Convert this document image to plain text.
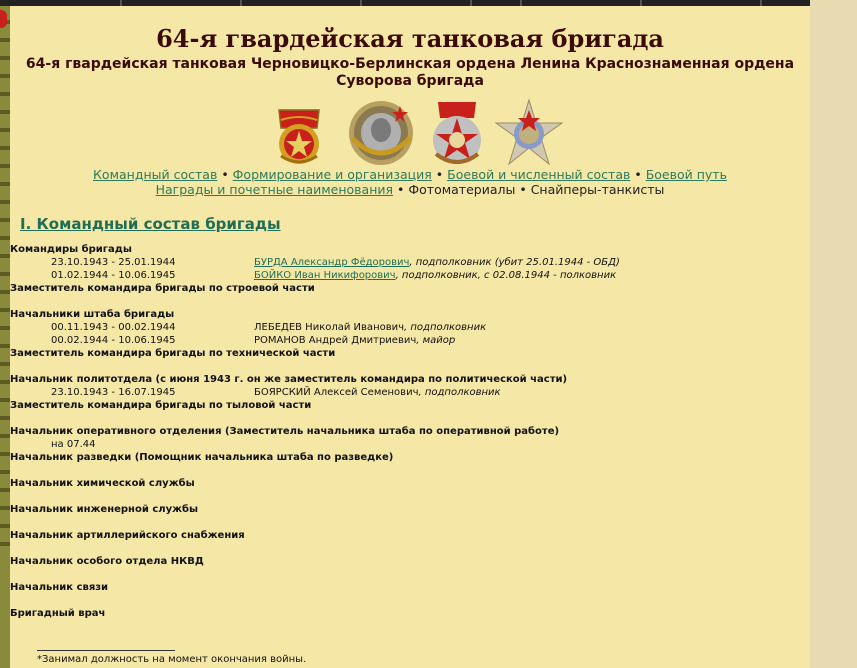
64-я гвардейская танковая бригада
64-я гвардейская танковая Черновицко-Берлинская ордена Ленина Краснознаменная ордена Суворова бригада
Командный состав • Формирование и организация • Боевой и численный состав • Боевой путь
Награды и почетные наименования • Фотоматериалы • Снайперы-танкисты
I. Командный состав бригады
Командиры бригады
23.10.1943 - 25.01.1944	БУРДА Александр Фёдорович, подполковник (убит 25.01.1944 - ОБД)
01.02.1944 - 10.06.1945	БОЙКО Иван Никифорович, подполковник, с 02.08.1944 - полковник
Заместитель командира бригады по строевой части
Начальники штаба бригады
00.11.1943 - 00.02.1944	ЛЕБЕДЕВ Николай Иванович, подполковник
00.02.1944 - 10.06.1945	РОМАНОВ Андрей Дмитриевич, майор
Заместитель командира бригады по технической части
Начальник политотдела (с июня 1943 г. он же заместитель командира по политической части)
23.10.1943 - 16.07.1945	БОЯРСКИЙ Алексей Семенович, подполковник
Заместитель командира бригады по тыловой части
Начальник оперативного отделения (Заместитель начальника штаба по оперативной работе)
на 07.44
Начальник разведки (Помощник начальника штаба по разведке)
Начальник химической службы
Начальник инженерной службы
Начальник артиллерийского снабжения
Начальник особого отдела НКВД
Начальник связи
Бригадный врач
*Занимал должность на момент окончания войны.
